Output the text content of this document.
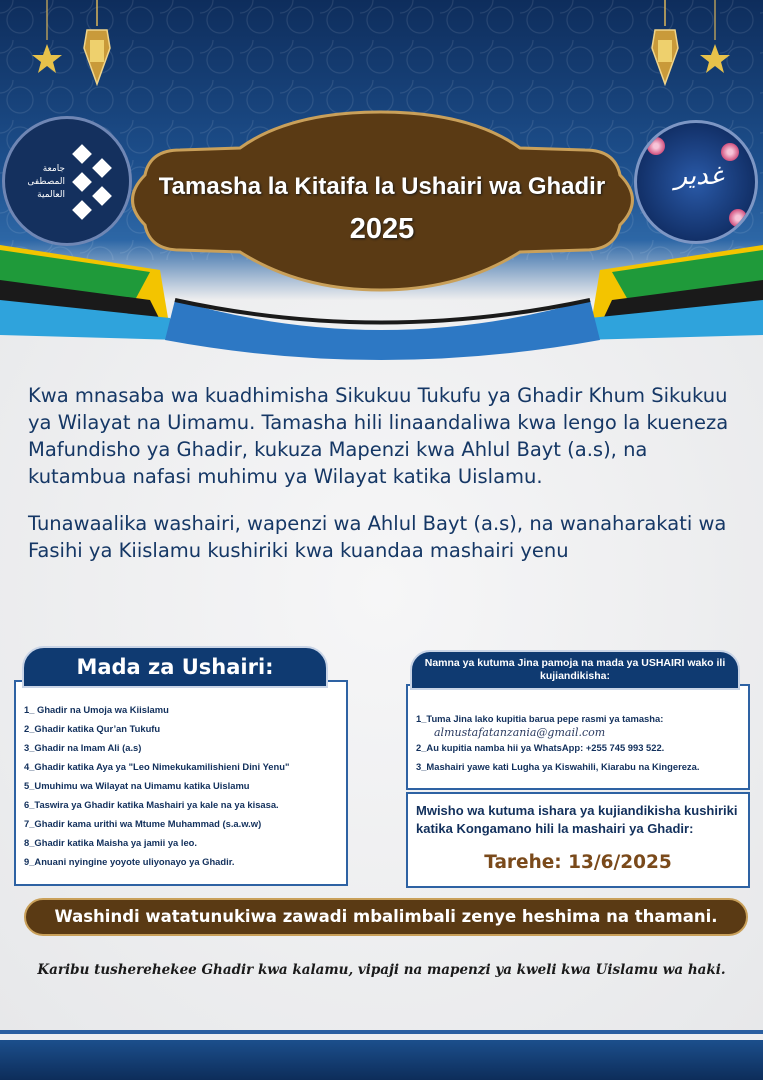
جامعة المصطفى العالمية
غدير
Tamasha la Kitaifa la Ushairi wa Ghadir
2025

Kwa mnasaba wa kuadhimisha Sikukuu Tukufu ya Ghadir Khum Sikukuu ya Wilayat na Uimamu. Tamasha hili linaandaliwa kwa lengo la kueneza Mafundisho ya Ghadir, kukuza Mapenzi kwa Ahlul Bayt (a.s), na kutambua nafasi muhimu ya Wilayat katika Uislamu.

Tunawaalika washairi, wapenzi wa Ahlul Bayt (a.s), na wanaharakati wa Fasihi ya Kiislamu kushiriki kwa kuandaa mashairi yenu

1_ Ghadir na Umoja wa Kiislamu
2_Ghadir katika Qur’an Tukufu
3_Ghadir na Imam Ali (a.s)
4_Ghadir katika Aya ya "Leo Nimekukamilishieni Dini Yenu"
5_Umuhimu wa Wilayat na Uimamu katika Uislamu
6_Taswira ya Ghadir katika Mashairi ya kale na ya kisasa.
7_Ghadir kama urithi wa Mtume Muhammad (s.a.w.w)
8_Ghadir katika Maisha ya jamii ya leo.
9_Anuani nyingine yoyote uliyonayo ya Ghadir.
Mada za Ushairi:
1_Tuma Jina lako kupitia barua pepe rasmi ya tamasha:
almustafatanzania@gmail.com
2_Au kupitia namba hii ya WhatsApp: +255 745 993 522.
3_Mashairi yawe kati Lugha ya Kiswahili, Kiarabu na Kingereza.
Namna ya kutuma Jina pamoja na mada ya USHAIRI wako ili kujiandikisha:
Mwisho wa kutuma ishara ya kujiandikisha kushiriki katika Kongamano hili la mashairi ya Ghadir:
Tarehe: 13/6/2025
Washindi watatunukiwa zawadi mbalimbali zenye heshima na thamani.
Karibu tusherehekee Ghadir kwa kalamu, vipaji na mapenzi ya kweli kwa Uislamu wa haki.
